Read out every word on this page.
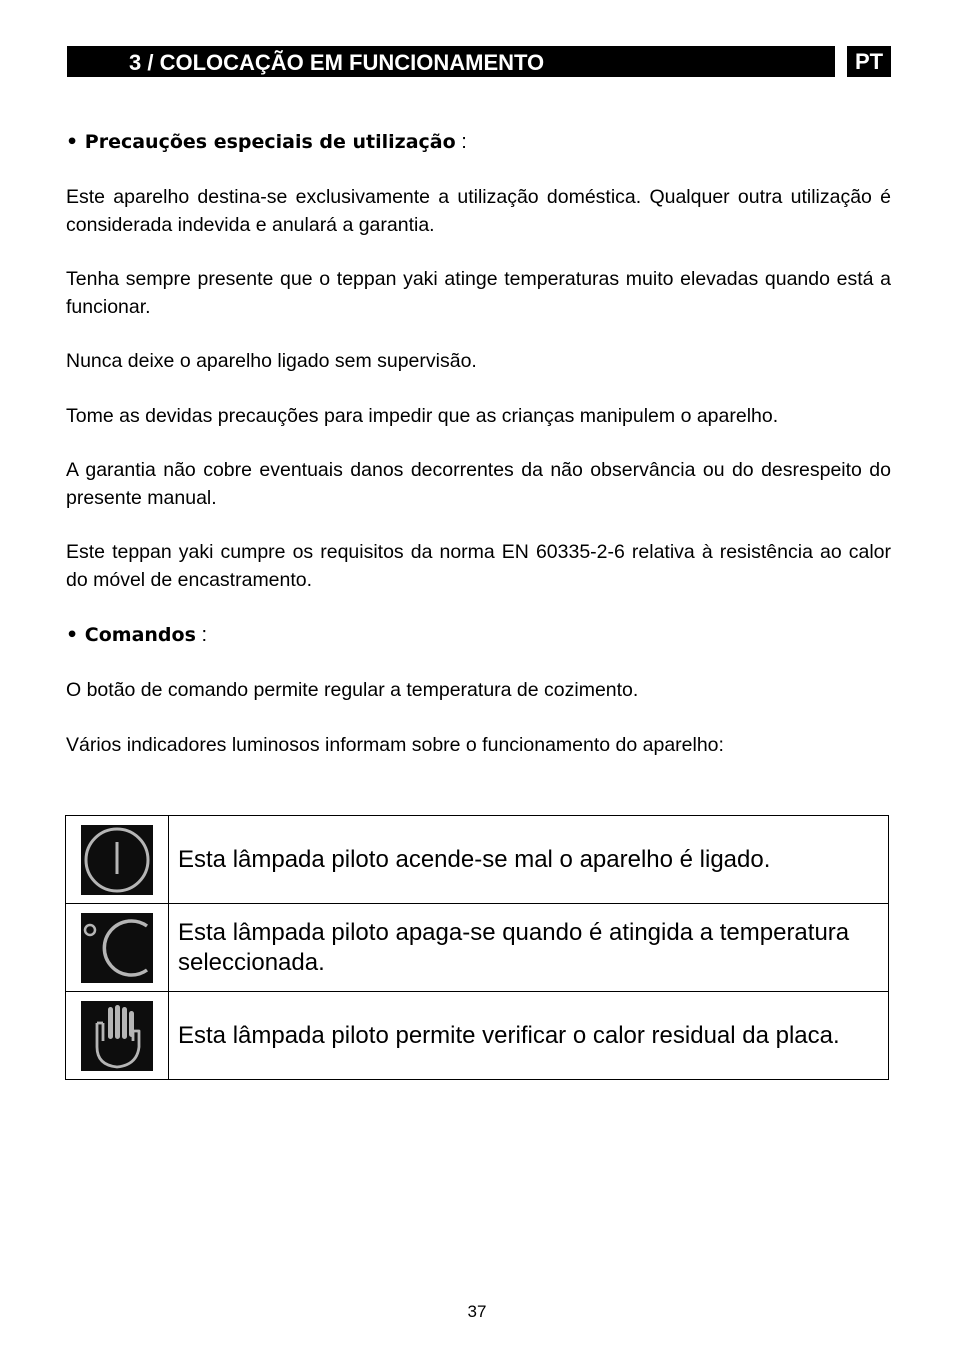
3 / COLOCAÇÃO EM FUNCIONAMENTO	PT
• Precauções especiais de utilização :

Este aparelho destina-se exclusivamente a utilização doméstica. Qualquer outra utilização é considerada indevida e anulará a garantia.

Tenha sempre presente que o teppan yaki atinge temperaturas muito elevadas quando está a funcionar.

Nunca deixe o aparelho ligado sem supervisão.

Tome as devidas precauções para impedir que as crianças manipulem o aparelho.

A garantia não cobre eventuais danos decorrentes da não observância ou do desrespeito do presente manual.

Este teppan yaki cumpre os requisitos da norma EN 60335-2-6 relativa à resistência ao calor do móvel de encastramento.

• Comandos :

O botão de comando permite regular a temperatura de cozimento.

Vários indicadores luminosos informam sobre o funcionamento do aparelho:

	Esta lâmpada piloto acende-se mal o aparelho é ligado.

	Esta lâmpada piloto apaga-se quando é atingida a temperatura seleccionada.

	Esta lâmpada piloto permite verificar o calor residual da placa.
37
